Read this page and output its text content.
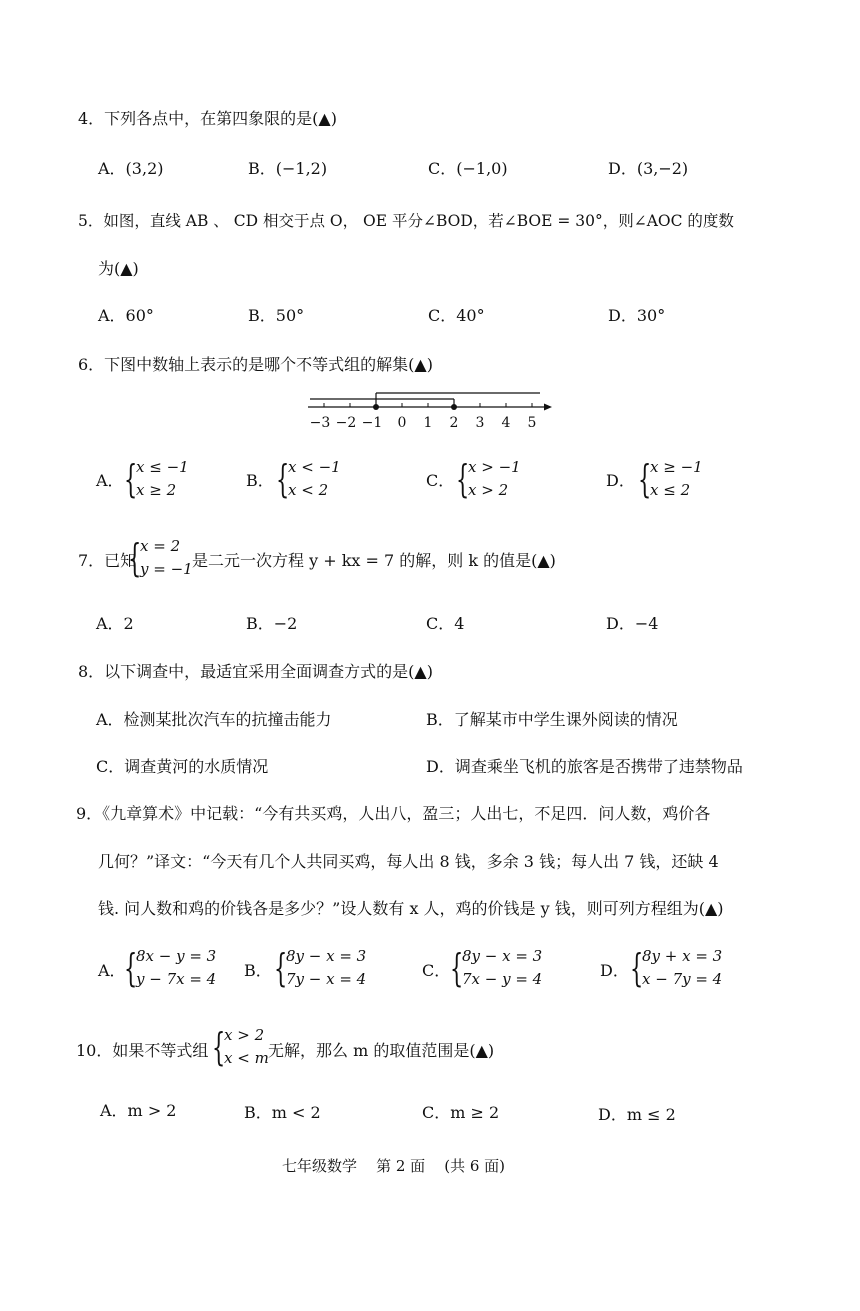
4．下列各点中，在第四象限的是(▲)
A．(3,2)	B．(−1,2)	C．(−1,0)	D．(3,−2)
5．如图，直线 AB 、 CD 相交于点 O， OE 平分∠BOD，若∠BOE = 30°，则∠AOC 的度数
为(▲)
A．60°	B．50°	C．40°	D．30°
6．下图中数轴上表示的是哪个不等式组的解集(▲)
−3 −2 −1 0 1 2 3 4 5
A． {
x ≤ −1
x ≥ 2	B． {
x < −1
x < 2	C． {
x > −1
x > 2	D． {
x ≥ −1
x ≤ 2
7．已知
{
x = 2
y = −1 是二元一次方程 y + kx = 7 的解，则 k 的值是(▲)
A．2	B．−2	C．4	D．−4
8．以下调查中，最适宜采用全面调查方式的是(▲)
A．检测某批次汽车的抗撞击能力	B．了解某市中学生课外阅读的情况
C．调查黄河的水质情况	D．调查乘坐飞机的旅客是否携带了违禁物品
9．《九章算术》中记载：“今有共买鸡，人出八，盈三；人出七，不足四．问人数，鸡价各
几何？”译文：“今天有几个人共同买鸡，每人出 8 钱，多余 3 钱；每人出 7 钱，还缺 4
钱. 问人数和鸡的价钱各是多少？”设人数有 x 人，鸡的价钱是 y 钱，则可列方程组为(▲)
A．
{
8x − y = 3
y − 7x = 4 B． {
8y − x = 3
7y − x = 4	C． {
8y − x = 3
7x − y = 4	D． {
8y + x = 3
x − 7y = 4
10．如果不等式组 {
x > 2
x < m 无解，那么 m 的取值范围是(▲)
A．m > 2	B．m < 2	C．m ≥ 2	D．m ≤ 2
七年级数学    第 2 面    (共 6 面)
